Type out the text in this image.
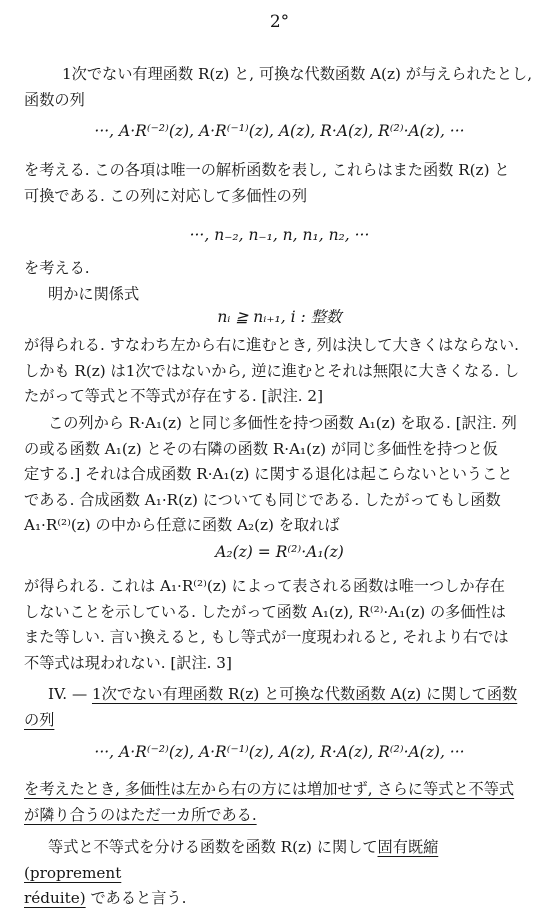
2°
1次でない有理函数 R(z) と, 可換な代数函数 A(z) が与えられたとし,
函数の列
···, A·R⁽⁻²⁾(z), A·R⁽⁻¹⁾(z), A(z), R·A(z), R⁽²⁾·A(z), ···
を考える. この各項は唯一の解析函数を表し, これらはまた函数 R(z) と
可換である. この列に対応して多価性の列
···, n₋₂, n₋₁, n, n₁, n₂, ···
を考える.
明かに関係式
nᵢ ≧ nᵢ₊₁, i : 整数
が得られる. すなわち左から右に進むとき, 列は決して大きくはならない.
しかも R(z) は1次ではないから, 逆に進むとそれは無限に大きくなる. し
たがって等式と不等式が存在する. [訳注. 2]
この列から R·A₁(z) と同じ多価性を持つ函数 A₁(z) を取る. [訳注. 列
の或る函数 A₁(z) とその右隣の函数 R·A₁(z) が同じ多価性を持つと仮
定する.] それは合成函数 R·A₁(z) に関する退化は起こらないということ
である. 合成函数 A₁·R(z) についても同じである. したがってもし函数
A₁·R⁽²⁾(z) の中から任意に函数 A₂(z) を取れば
A₂(z) = R⁽²⁾·A₁(z)
が得られる. これは A₁·R⁽²⁾(z) によって表される函数は唯一つしか存在
しないことを示している. したがって函数 A₁(z), R⁽²⁾·A₁(z) の多価性は
また等しい. 言い換えると, もし等式が一度現われると, それより右では
不等式は現われない. [訳注. 3]
IV. — 1次でない有理函数 R(z) と可換な代数函数 A(z) に関して函数
の列
···, A·R⁽⁻²⁾(z), A·R⁽⁻¹⁾(z), A(z), R·A(z), R⁽²⁾·A(z), ···
を考えたとき, 多価性は左から右の方には増加せず, さらに等式と不等式
が隣り合うのはただ一カ所である.
等式と不等式を分ける函数を函数 R(z) に関して固有既縮 (proprement
réduite) であると言う.
